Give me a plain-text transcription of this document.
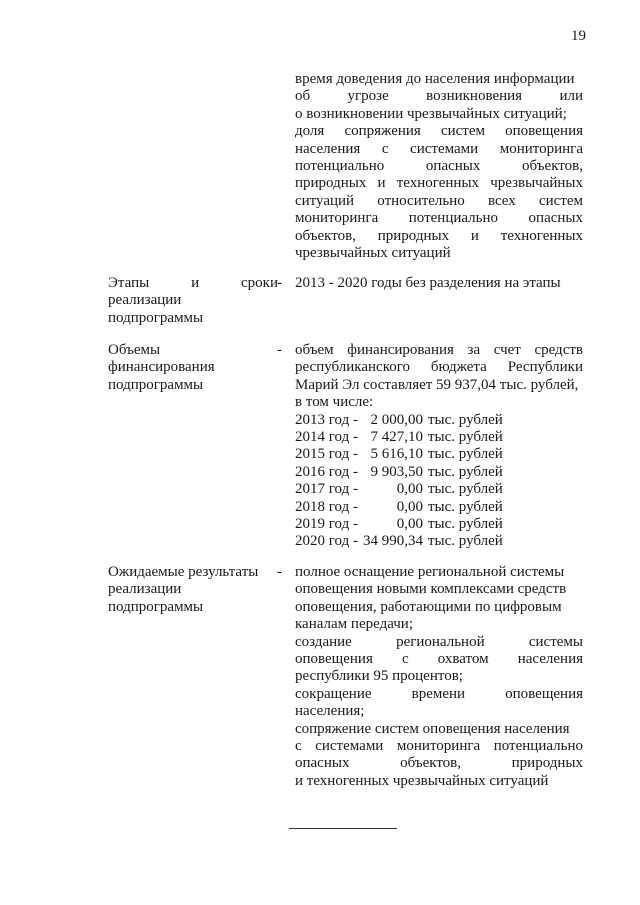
19
время доведения до населения информации
об угрозе возникновения или
о возникновении чрезвычайных ситуаций;
доля сопряжения систем оповещения
населения с системами мониторинга
потенциально опасных объектов,
природных и техногенных чрезвычайных
ситуаций относительно всех систем
мониторинга потенциально опасных
объектов, природных и техногенных
чрезвычайных ситуаций
Этапы и сроки
реализации
подпрограммы
- 2013 - 2020 годы без разделения на этапы
Объемы
финансирования
подпрограммы
- объем финансирования за счет средств
республиканского бюджета Республики
Марий Эл составляет 59 937,04 тыс. рублей,
в том числе:
2013 год - 2 000,00 тыс. рублей
2014 год - 7 427,10 тыс. рублей
2015 год - 5 616,10 тыс. рублей
2016 год - 9 903,50 тыс. рублей
2017 год -	0,00 тыс. рублей
2018 год -	0,00 тыс. рублей
2019 год -	0,00 тыс. рублей
2020 год - 34 990,34 тыс. рублей
Ожидаемые результаты
реализации
подпрограммы
- полное оснащение региональной системы
оповещения новыми комплексами средств
оповещения, работающими по цифровым
каналам передачи;
создание региональной системы
оповещения с охватом населения
республики 95 процентов;
сокращение времени оповещения
населения;
сопряжение систем оповещения населения
с системами мониторинга потенциально
опасных объектов, природных
и техногенных чрезвычайных ситуаций
